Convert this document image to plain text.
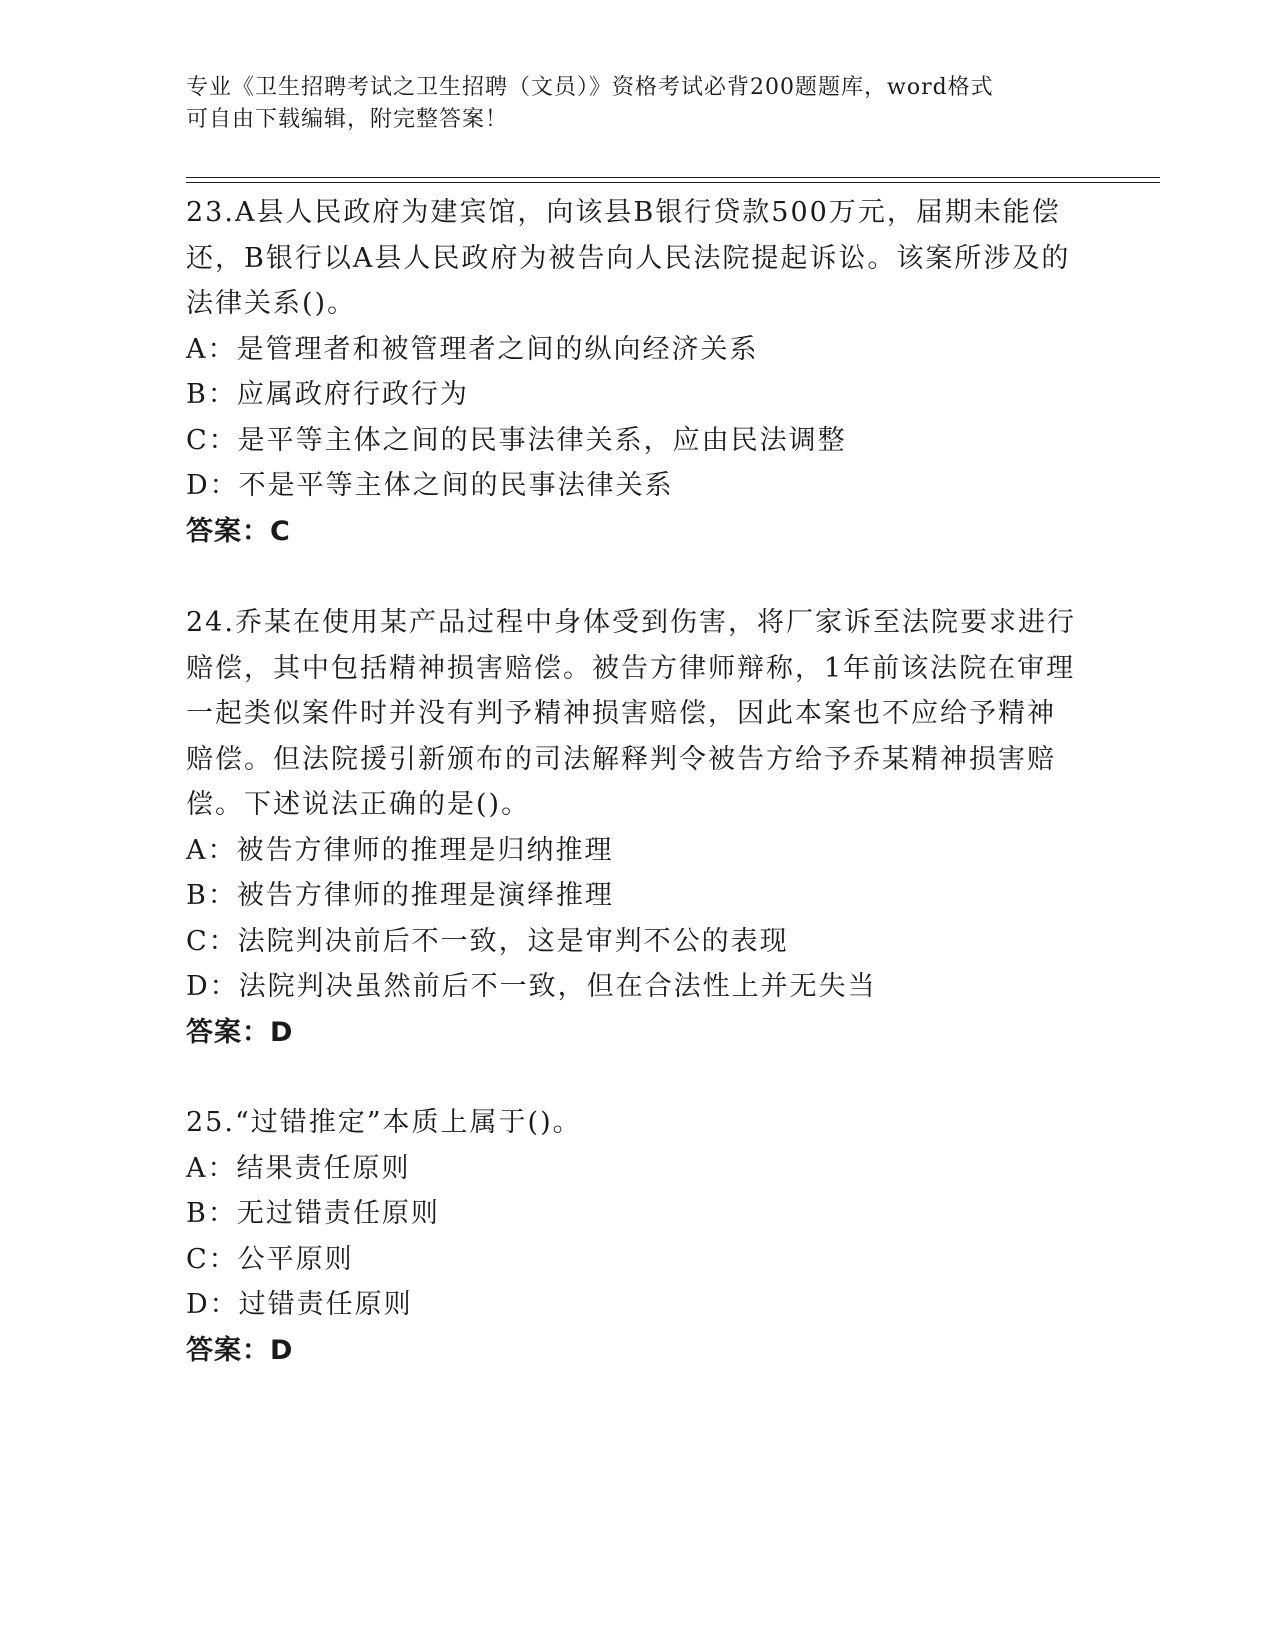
专业《卫生招聘考试之卫生招聘（文员）》资格考试必背200题题库，word格式
可自由下载编辑，附完整答案！
23.A县人民政府为建宾馆，向该县B银行贷款500万元，届期未能偿
还，B银行以A县人民政府为被告向人民法院提起诉讼。该案所涉及的
法律关系()。
A：是管理者和被管理者之间的纵向经济关系
B：应属政府行政行为
C：是平等主体之间的民事法律关系，应由民法调整
D：不是平等主体之间的民事法律关系
答案：C
24.乔某在使用某产品过程中身体受到伤害，将厂家诉至法院要求进行
赔偿，其中包括精神损害赔偿。被告方律师辩称，1年前该法院在审理
一起类似案件时并没有判予精神损害赔偿，因此本案也不应给予精神
赔偿。但法院援引新颁布的司法解释判令被告方给予乔某精神损害赔
偿。下述说法正确的是()。
A：被告方律师的推理是归纳推理
B：被告方律师的推理是演绎推理
C：法院判决前后不一致，这是审判不公的表现
D：法院判决虽然前后不一致，但在合法性上并无失当
答案：D
25.“过错推定”本质上属于()。
A：结果责任原则
B：无过错责任原则
C：公平原则
D：过错责任原则
答案：D
